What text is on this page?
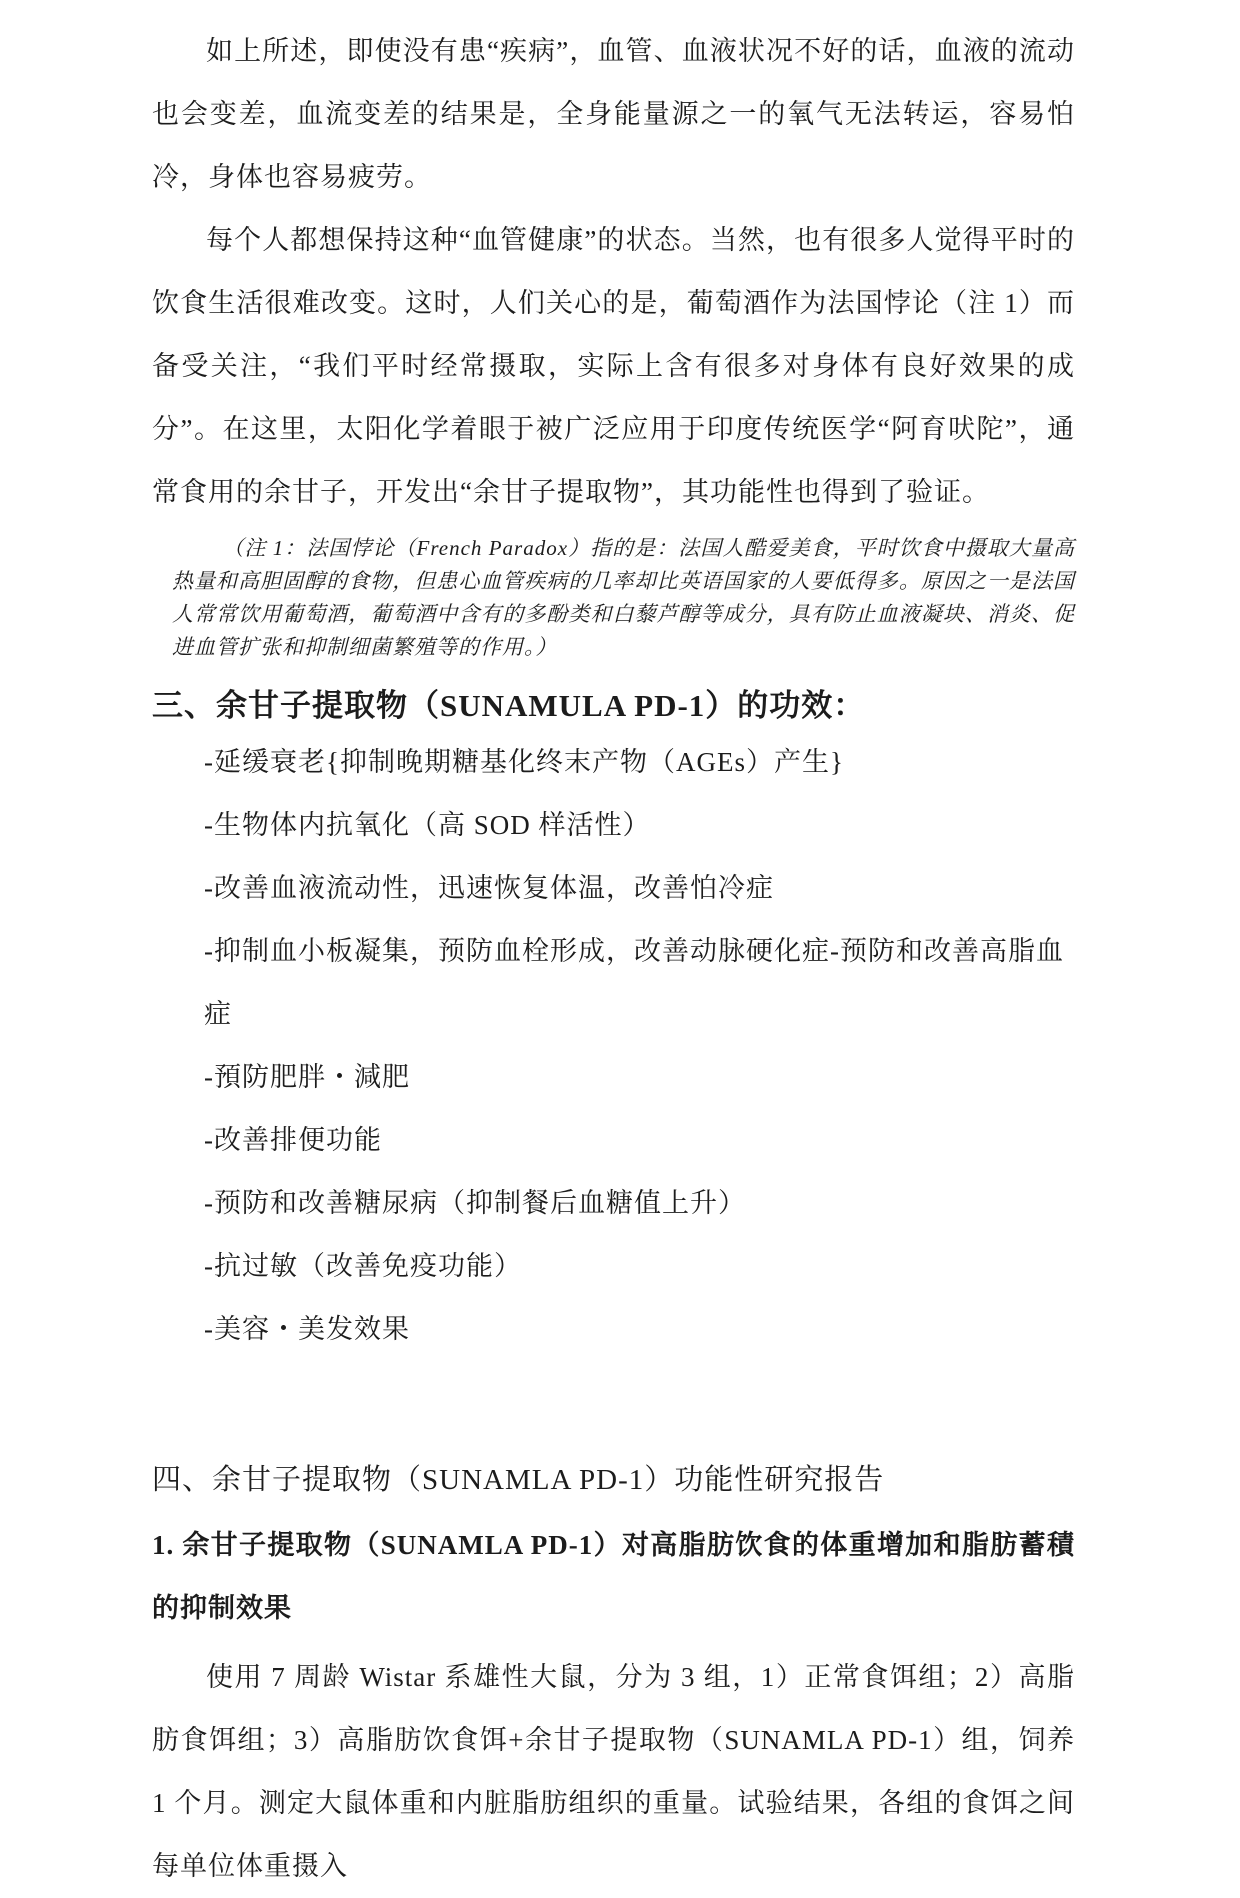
如上所述，即使没有患“疾病”，血管、血液状况不好的话，血液的流动也会变差，血流变差的结果是，全身能量源之一的氧气无法转运，容易怕冷，身体也容易疲劳。

每个人都想保持这种“血管健康”的状态。当然，也有很多人觉得平时的饮食生活很难改变。这时，人们关心的是，葡萄酒作为法国悖论（注 1）而备受关注，“我们平时经常摄取，实际上含有很多对身体有良好效果的成分”。在这里，太阳化学着眼于被广泛应用于印度传统医学“阿育吠陀”，通常食用的余甘子，开发出“余甘子提取物”，其功能性也得到了验证。

（注 1：法国悖论（French Paradox）指的是：法国人酷爱美食，平时饮食中摄取大量高热量和高胆固醇的食物，但患心血管疾病的几率却比英语国家的人要低得多。原因之一是法国人常常饮用葡萄酒，葡萄酒中含有的多酚类和白藜芦醇等成分，具有防止血液凝块、消炎、促进血管扩张和抑制细菌繁殖等的作用。）

三、余甘子提取物（SUNAMULA PD-1）的功效：
-延缓衰老{抑制晚期糖基化终末产物（AGEs）产生}
-生物体内抗氧化（高 SOD 样活性）
-改善血液流动性，迅速恢复体温，改善怕冷症
-抑制血小板凝集，预防血栓形成，改善动脉硬化症-预防和改善高脂血症
-預防肥胖・減肥
-改善排便功能
-预防和改善糖尿病（抑制餐后血糖值上升）
-抗过敏（改善免疫功能）
-美容・美发效果
四、余甘子提取物（SUNAMLA PD-1）功能性研究报告
1. 余甘子提取物（SUNAMLA PD-1）对高脂肪饮食的体重增加和脂肪蓄積的抑制效果

使用 7 周龄 Wistar 系雄性大鼠，分为 3 组，1）正常食饵组；2）高脂肪食饵组；3）高脂肪饮食饵+余甘子提取物（SUNAMLA PD-1）组，饲养 1 个月。测定大鼠体重和内脏脂肪组织的重量。试验结果，各组的食饵之间每单位体重摄入
